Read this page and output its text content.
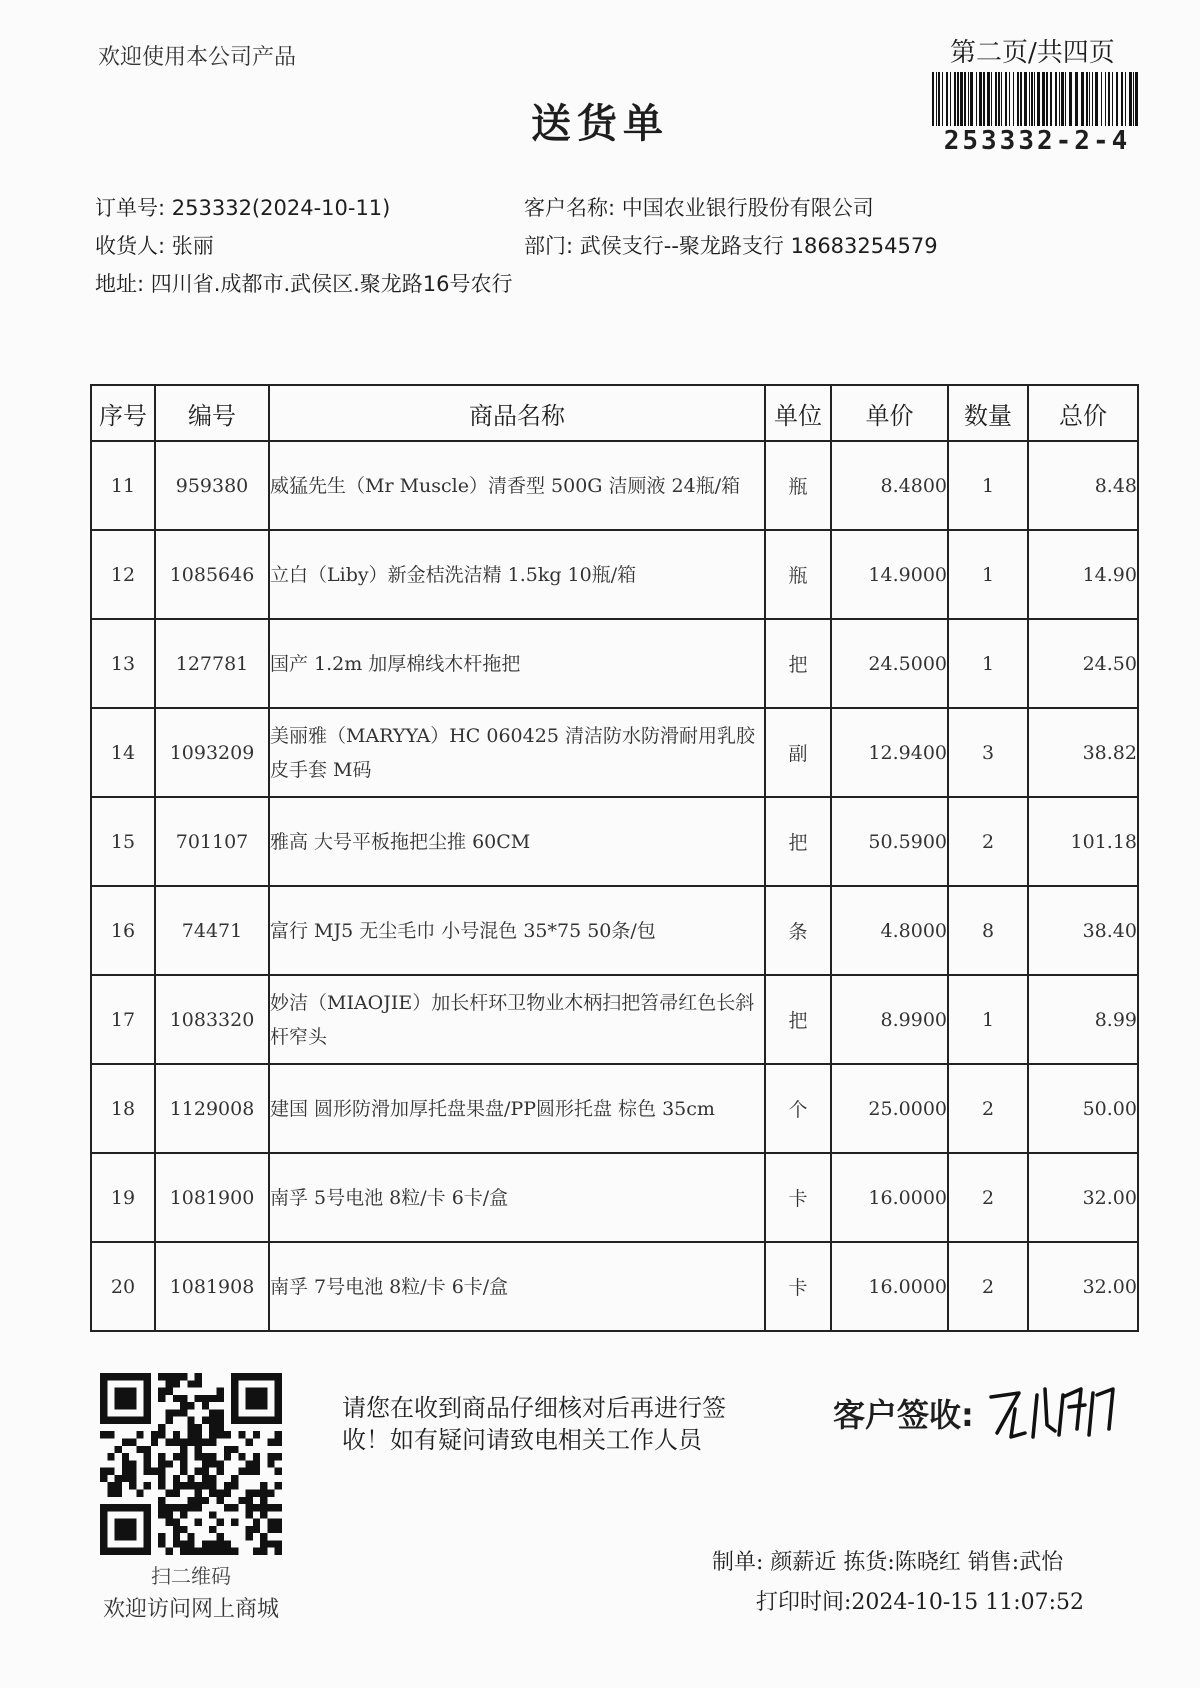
欢迎使用本公司产品	第二页/共四页
送货单	253332-2-4
订单号: 253332(2024-10-11)	客户名称: 中国农业银行股份有限公司
收货人: 张丽	部门: 武侯支行--聚龙路支行 18683254579
地址: 四川省.成都市.武侯区.聚龙路16号农行
序号	编号	商品名称	单位	单价	数量	总价
11	959380	威猛先生（Mr Muscle）清香型 500G 洁厕液 24瓶/箱	瓶	8.4800	1	8.48
12	1085646	立白（Liby）新金桔洗洁精 1.5kg 10瓶/箱	瓶	14.9000	1	14.90
13	127781	国产 1.2m 加厚棉线木杆拖把	把	24.5000	1	24.50
14	1093209	美丽雅（MARYYA）HC 060425 清洁防水防滑耐用乳胶皮手套 M码	副	12.9400	3	38.82
15	701107	雅高 大号平板拖把尘推 60CM	把	50.5900	2	101.18
16	74471	富行 MJ5 无尘毛巾 小号混色 35*75 50条/包	条	4.8000	8	38.40
17	1083320	妙洁（MIAOJIE）加长杆环卫物业木柄扫把笤帚红色长斜杆窄头	把	8.9900	1	8.99
18	1129008	建国 圆形防滑加厚托盘果盘/PP圆形托盘 棕色 35cm	个	25.0000	2	50.00
19	1081900	南孚 5号电池 8粒/卡 6卡/盒	卡	16.0000	2	32.00
20	1081908	南孚 7号电池 8粒/卡 6卡/盒	卡	16.0000	2	32.00
扫二维码
欢迎访问网上商城
请您在收到商品仔细核对后再进行签收！如有疑问请致电相关工作人员
客户签收:
制单: 颜薪近 拣货:陈晓红 销售:武怡
打印时间:2024-10-15 11:07:52
